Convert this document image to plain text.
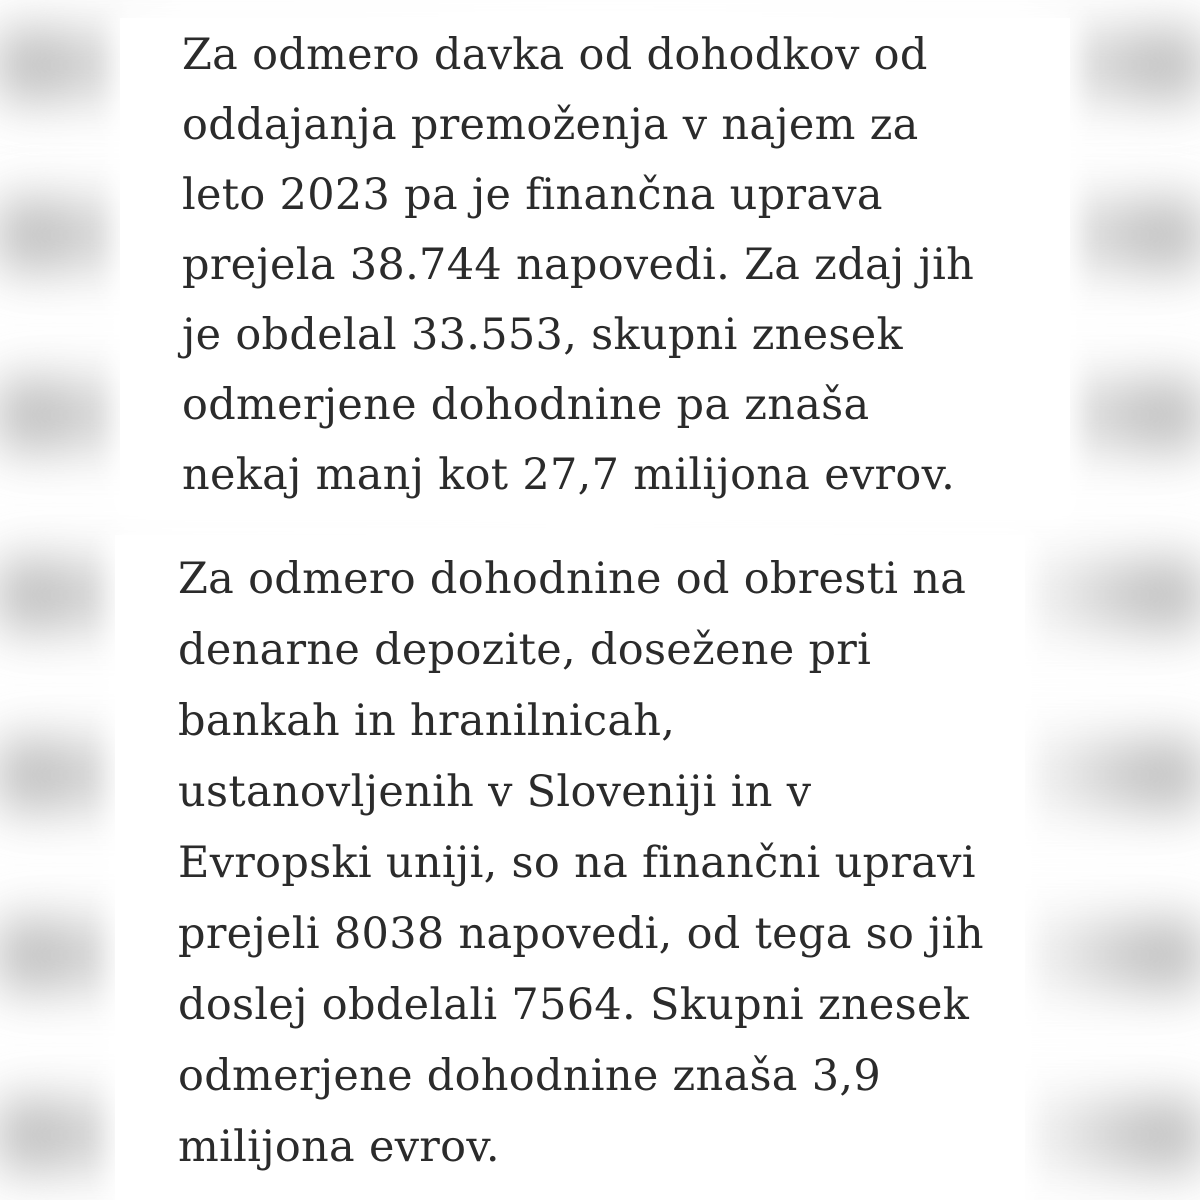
Za odmero davka od dohodkov od
oddajanja premoženja v najem za
leto 2023 pa je finančna uprava
prejela 38.744 napovedi. Za zdaj jih
je obdelal 33.553, skupni znesek
odmerjene dohodnine pa znaša
nekaj manj kot 27,7 milijona evrov.
Za odmero dohodnine od obresti na
denarne depozite, dosežene pri
bankah in hranilnicah,
ustanovljenih v Sloveniji in v
Evropski uniji, so na finančni upravi
prejeli 8038 napovedi, od tega so jih
doslej obdelali 7564. Skupni znesek
odmerjene dohodnine znaša 3,9
milijona evrov.
